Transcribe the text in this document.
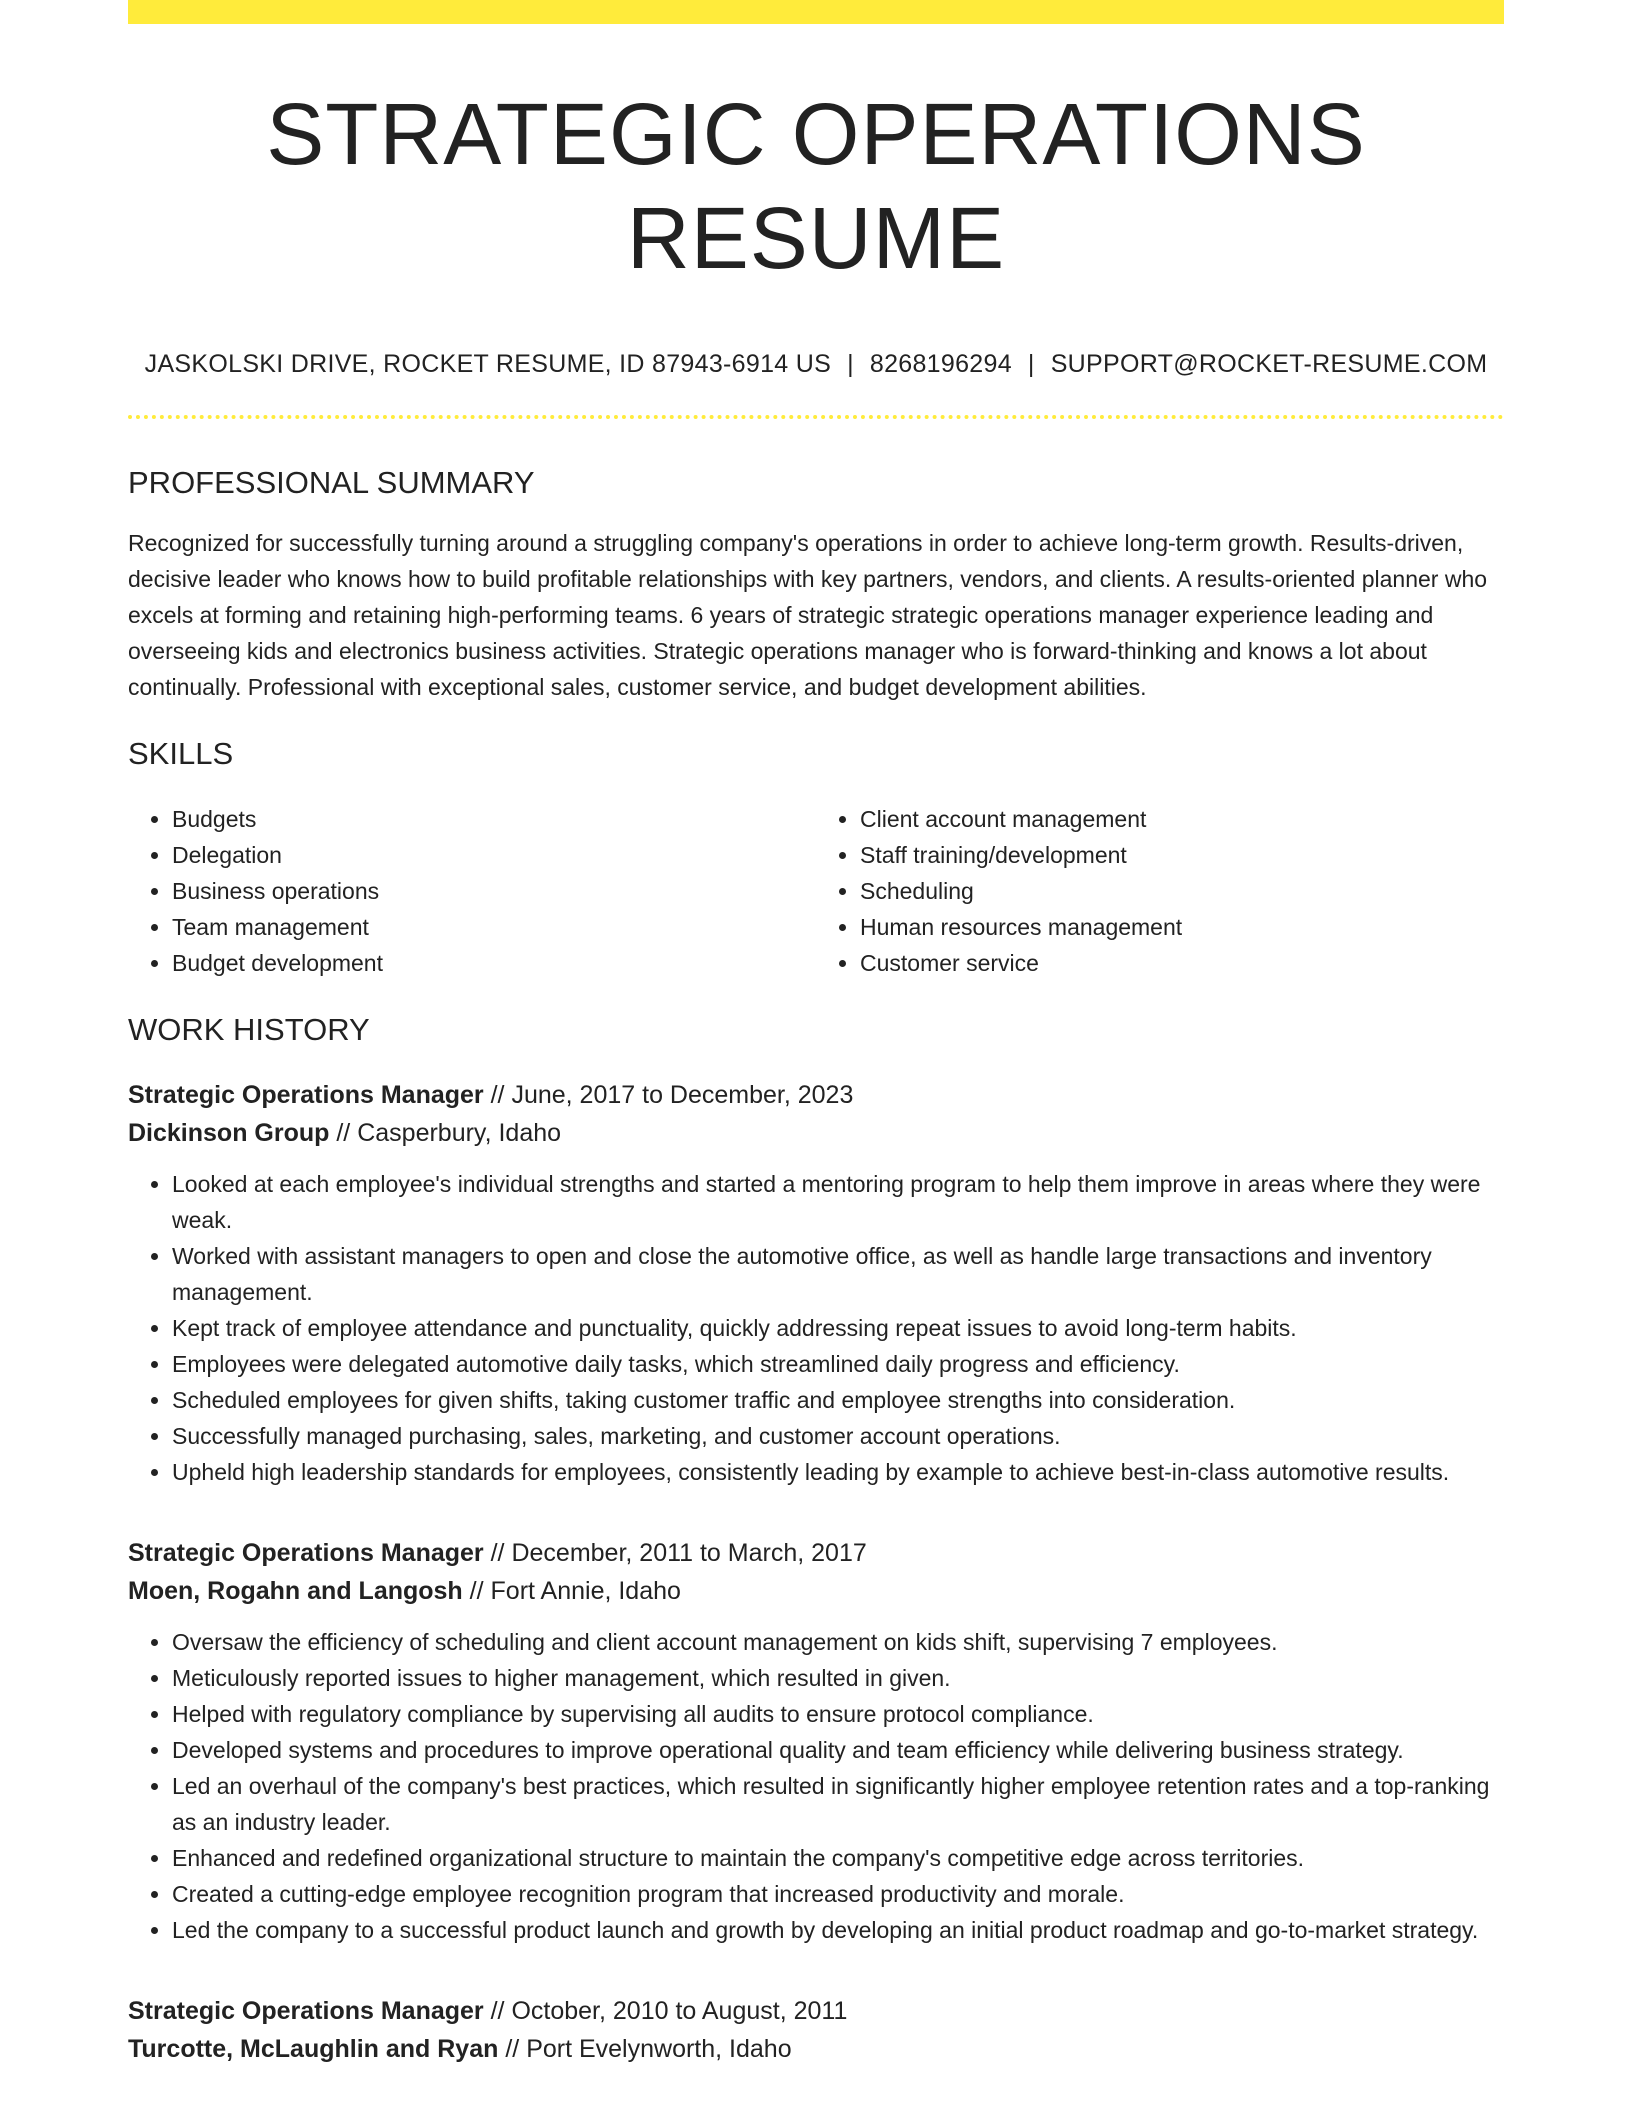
STRATEGIC OPERATIONS RESUME
JASKOLSKI DRIVE, ROCKET RESUME, ID 87943-6914 US | 8268196294 | SUPPORT@ROCKET-RESUME.COM
PROFESSIONAL SUMMARY
Recognized for successfully turning around a struggling company's operations in order to achieve long-term growth. Results-driven, decisive leader who knows how to build profitable relationships with key partners, vendors, and clients. A results-oriented planner who excels at forming and retaining high-performing teams. 6 years of strategic strategic operations manager experience leading and overseeing kids and electronics business activities. Strategic operations manager who is forward-thinking and knows a lot about continually. Professional with exceptional sales, customer service, and budget development abilities.
SKILLS
• Budgets
• Delegation
• Business operations
• Team management
• Budget development
• Client account management
• Staff training/development
• Scheduling
• Human resources management
• Customer service
WORK HISTORY
Strategic Operations Manager // June, 2017 to December, 2023
Dickinson Group // Casperbury, Idaho
• Looked at each employee's individual strengths and started a mentoring program to help them improve in areas where they were weak.
• Worked with assistant managers to open and close the automotive office, as well as handle large transactions and inventory management.
• Kept track of employee attendance and punctuality, quickly addressing repeat issues to avoid long-term habits.
• Employees were delegated automotive daily tasks, which streamlined daily progress and efficiency.
• Scheduled employees for given shifts, taking customer traffic and employee strengths into consideration.
• Successfully managed purchasing, sales, marketing, and customer account operations.
• Upheld high leadership standards for employees, consistently leading by example to achieve best-in-class automotive results.
Strategic Operations Manager // December, 2011 to March, 2017
Moen, Rogahn and Langosh // Fort Annie, Idaho
• Oversaw the efficiency of scheduling and client account management on kids shift, supervising 7 employees.
• Meticulously reported issues to higher management, which resulted in given.
• Helped with regulatory compliance by supervising all audits to ensure protocol compliance.
• Developed systems and procedures to improve operational quality and team efficiency while delivering business strategy.
• Led an overhaul of the company's best practices, which resulted in significantly higher employee retention rates and a top-ranking as an industry leader.
• Enhanced and redefined organizational structure to maintain the company's competitive edge across territories.
• Created a cutting-edge employee recognition program that increased productivity and morale.
• Led the company to a successful product launch and growth by developing an initial product roadmap and go-to-market strategy.
Strategic Operations Manager // October, 2010 to August, 2011
Turcotte, McLaughlin and Ryan // Port Evelynworth, Idaho
